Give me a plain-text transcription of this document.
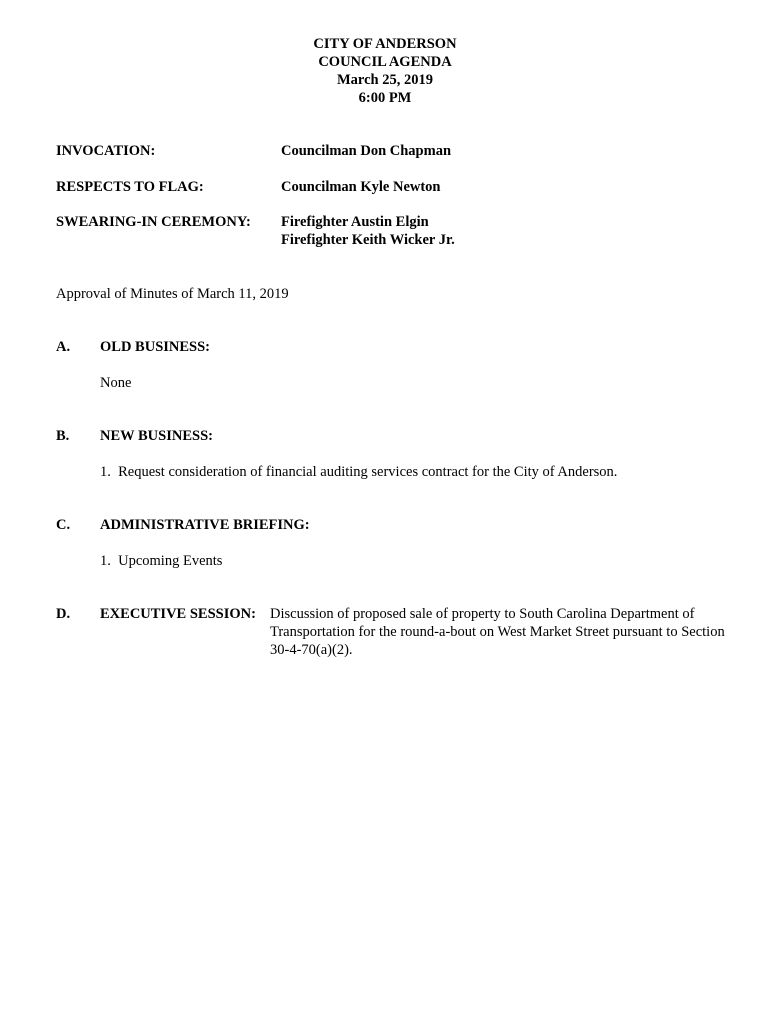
CITY OF ANDERSON
COUNCIL AGENDA
March 25, 2019
6:00 PM
INVOCATION:	Councilman Don Chapman
RESPECTS TO FLAG:	Councilman Kyle Newton
SWEARING-IN CEREMONY: Firefighter Austin Elgin
Firefighter Keith Wicker Jr.
Approval of Minutes of March 11, 2019
A. OLD BUSINESS:
None
B. NEW BUSINESS:
1.  Request consideration of financial auditing services contract for the City of Anderson.
C. ADMINISTRATIVE BRIEFING:
1.  Upcoming Events
D. EXECUTIVE SESSION: Discussion of proposed sale of property to South Carolina Department of Transportation for the round-a-bout on West Market Street pursuant to Section 30-4-70(a)(2).
